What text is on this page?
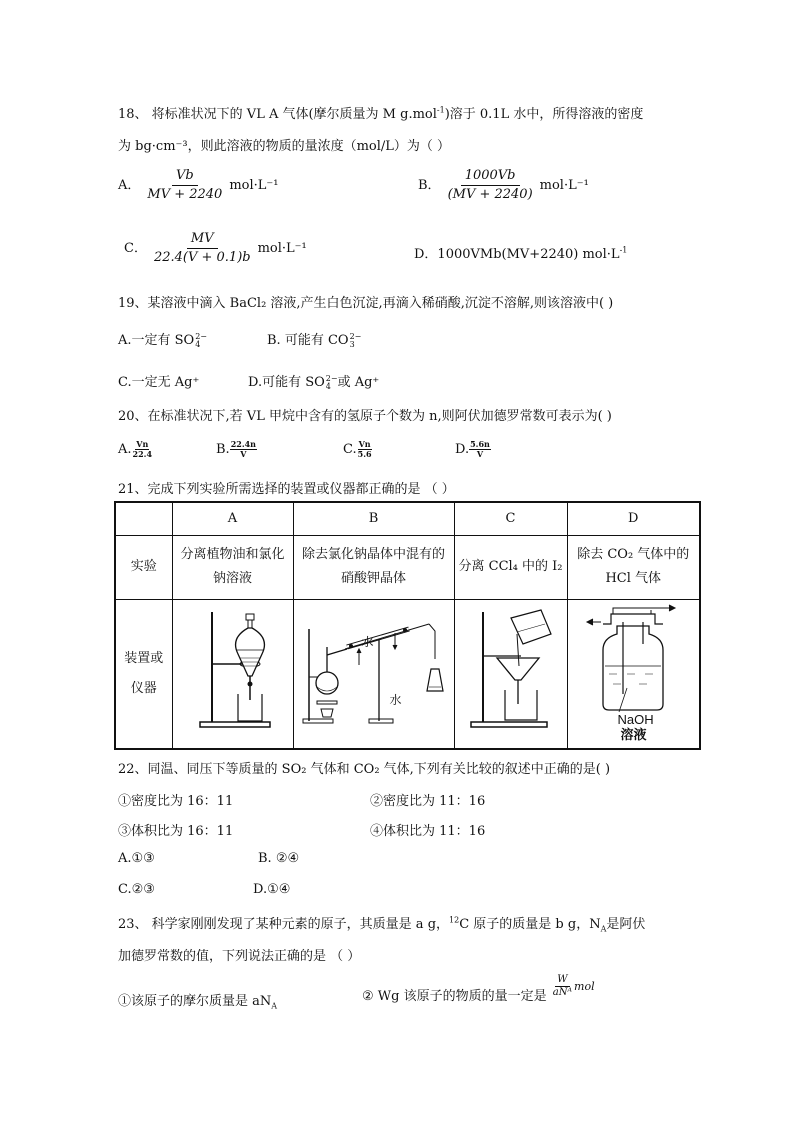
18、 将标准状况下的 VL A 气体(摩尔质量为 M g.mol$^{-1}$)溶于 0.1L 水中，所得溶液的密度
为 bg·cm⁻³，则此溶液的物质的量浓度（mol/L）为（ ）
A． $\frac{Vb}{MV + 2240} mol\cdot L^{-1}$	B． $\frac{1000Vb}{(MV + 2240)} mol\cdot L^{-1}$
C． $\frac{MV}{22.4(V + 0.1)b} mol\cdot L^{-1}$	D．1000VMb(MV+2240) $mol\cdot L^{-1}$
19、某溶液中滴入 BaCl₂ 溶液,产生白色沉淀,再滴入稀硝酸,沉淀不溶解,则该溶液中( )
A.一定有 SO 2−
4	B. 可能有 CO 2−
3
C.一定无 Ag⁺	D.可能有 SO 2−
4 或 Ag⁺
20、在标准状况下,若 VL 甲烷中含有的氢原子个数为 n,则阿伏加德罗常数可表示为( )
A. $\frac{Vn}{22.4}$	B. $\frac{22.4n}{V}$	C. $\frac{Vn}{5.6}$	D. $\frac{5.6n}{V}$
21、完成下列实验所需选择的装置或仪器都正确的是 （ ）
	A	B	C	D
实验	分离植物油和氯化钠溶液	除去氯化钠晶体中混有的硝酸钾晶体	分离 CCl₄ 中的 I₂	除去 CO₂ 气体中的 HCl 气体
装置或仪器		水
水		NaOH
溶液
22、同温、同压下等质量的 SO₂ 气体和 CO₂ 气体,下列有关比较的叙述中正确的是( )
①密度比为 16：11	②密度比为 11：16
③体积比为 16：11	④体积比为 11：16
A.①③	B. ②④
C.②③	D.①④
23、 科学家刚刚发现了某种元素的原子，其质量是 a g，$^{12}$C 原子的质量是 b g，$N_A$是阿伏
加德罗常数的值，下列说法正确的是 （ ）
①该原子的摩尔质量是 $aN_A$
② Wg 该原子的物质的量一定是 $\frac{W}{\text{aNᴬ}}$ mol
